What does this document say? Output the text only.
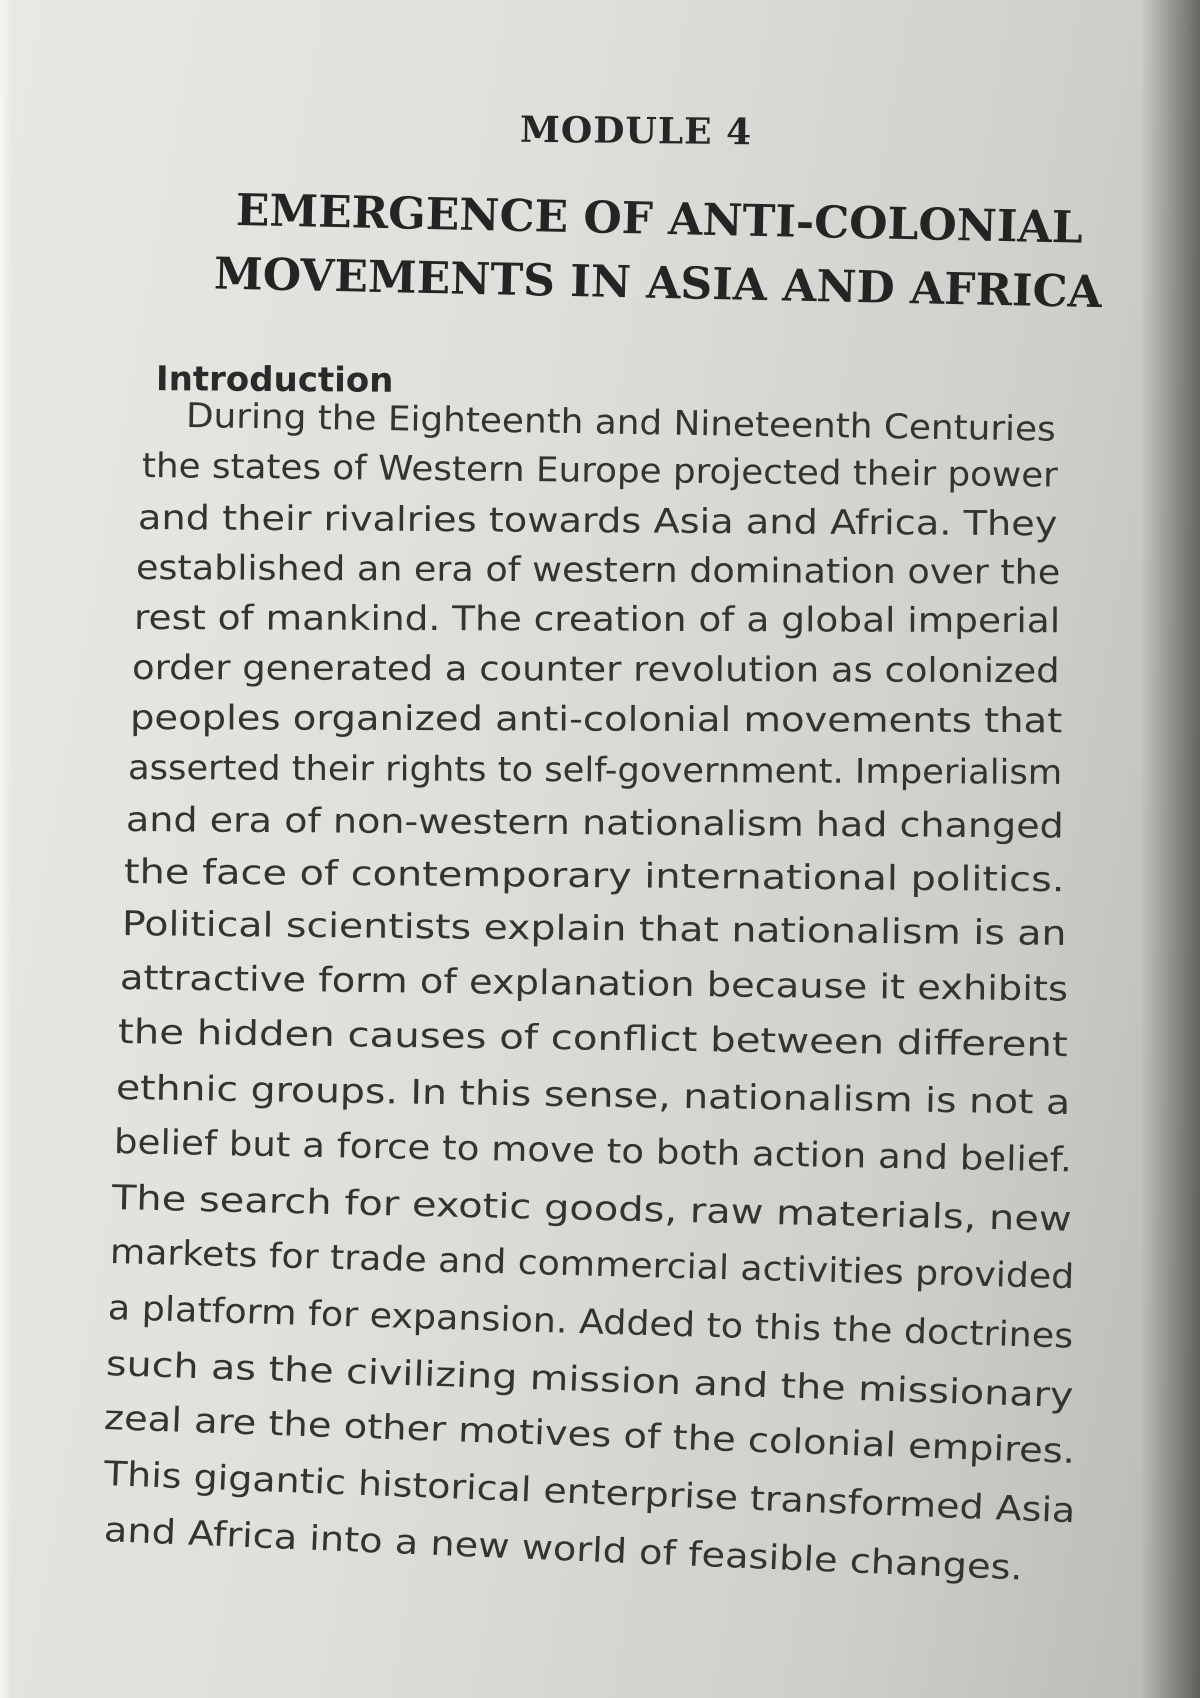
MODULE 4
EMERGENCE OF ANTI-COLONIAL
MOVEMENTS IN ASIA AND AFRICA
Introduction
During the Eighteenth and Nineteenth Centuries
the states of Western Europe projected their power
and their rivalries towards Asia and Africa. They
established an era of western domination over the
rest of mankind. The creation of a global imperial
order generated a counter revolution as colonized
peoples organized anti-colonial movements that
asserted their rights to self-government. Imperialism
and era of non-western nationalism had changed
the face of contemporary international politics.
Political scientists explain that nationalism is an
attractive form of explanation because it exhibits
the hidden causes of conflict between different
ethnic groups. In this sense, nationalism is not a
belief but a force to move to both action and belief.
The search for exotic goods, raw materials, new
markets for trade and commercial activities provided
a platform for expansion. Added to this the doctrines
such as the civilizing mission and the missionary
zeal are the other motives of the colonial empires.
This gigantic historical enterprise transformed Asia
and Africa into a new world of feasible changes.
